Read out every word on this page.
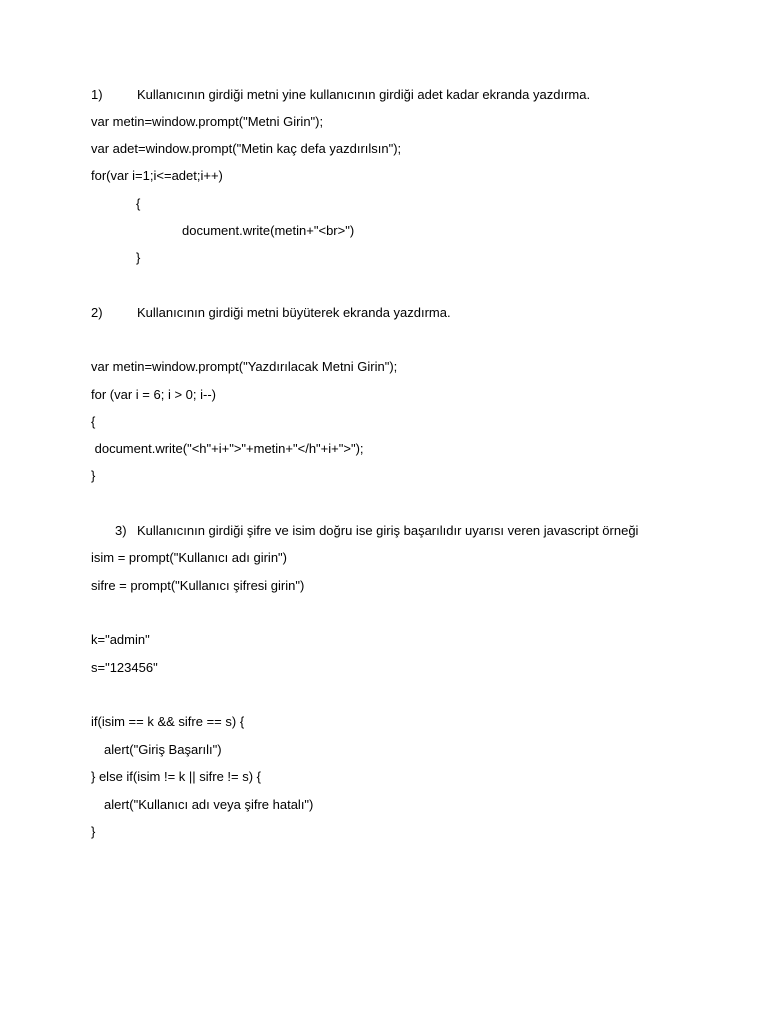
1)	Kullanıcının girdiği metni yine kullanıcının girdiği adet kadar ekranda yazdırma.
var metin=window.prompt("Metni Girin");
var adet=window.prompt("Metin kaç defa yazdırılsın");
for(var i=1;i<=adet;i++)
{
document.write(metin+"<br>")
}
2)	Kullanıcının girdiği metni büyüterek ekranda yazdırma.
var metin=window.prompt("Yazdırılacak Metni Girin");
for (var i = 6; i > 0; i--)
{
document.write("<h"+i+">"+metin+"</h"+i+">");
}
3) Kullanıcının girdiği şifre ve isim doğru ise giriş başarılıdır uyarısı veren javascript örneği
isim = prompt("Kullanıcı adı girin")
sifre = prompt("Kullanıcı şifresi girin")
k="admin"
s="123456"
if(isim == k && sifre == s) {
alert("Giriş Başarılı")
} else if(isim != k || sifre != s) {
alert("Kullanıcı adı veya şifre hatalı")
}
